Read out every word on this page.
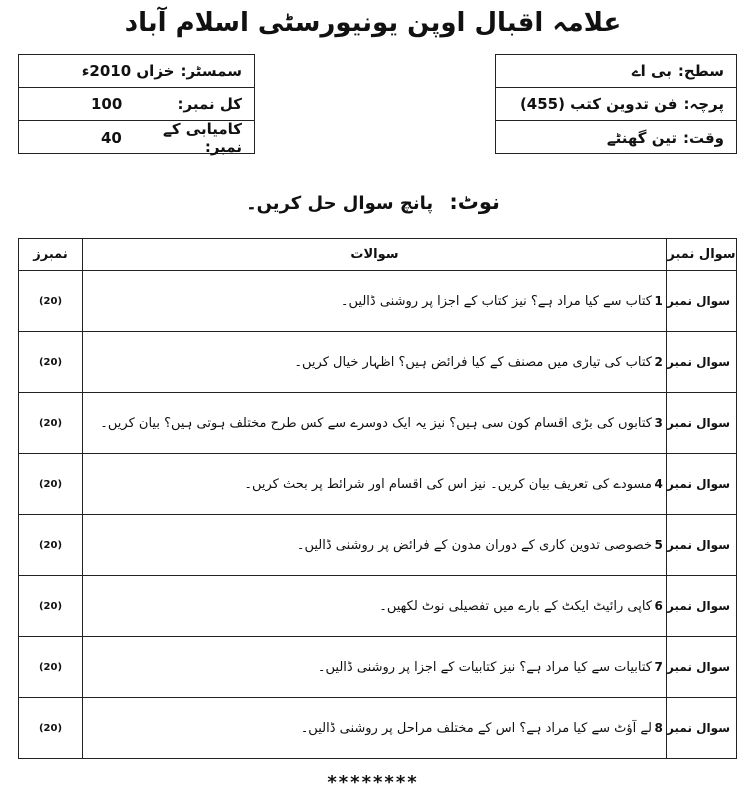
علامہ اقبال اوپن یونیورسٹی اسلام آباد
سمسٹر:
خزاں 2010ء
کل نمبر:
100
کامیابی کے نمبر:
40
سطح:
بی اے
پرچہ:
فن تدوین کتب (455)
وقت:
تین گھنٹے
نوٹ: پانچ سوال حل کریں۔
سوال نمبر	سوالات	نمبرز
سوال نمبر 1	کتاب سے کیا مراد ہے؟ نیز کتاب کے اجزا پر روشنی ڈالیں۔	(20)
سوال نمبر 2	کتاب کی تیاری میں مصنف کے کیا فرائض ہیں؟ اظہار خیال کریں۔	(20)
سوال نمبر 3	کتابوں کی بڑی اقسام کون سی ہیں؟ نیز یہ ایک دوسرے سے کس طرح مختلف ہوتی ہیں؟ بیان کریں۔	(20)
سوال نمبر 4	مسودے کی تعریف بیان کریں۔ نیز اس کی اقسام اور شرائط پر بحث کریں۔	(20)
سوال نمبر 5	خصوصی تدوین کاری کے دوران مدون کے فرائض پر روشنی ڈالیں۔	(20)
سوال نمبر 6	کاپی رائیٹ ایکٹ کے بارے میں تفصیلی نوٹ لکھیں۔	(20)
سوال نمبر 7	کتابیات سے کیا مراد ہے؟ نیز کتابیات کے اجزا پر روشنی ڈالیں۔	(20)
سوال نمبر 8	لے آؤٹ سے کیا مراد ہے؟ اس کے مختلف مراحل پر روشنی ڈالیں۔	(20)
********
